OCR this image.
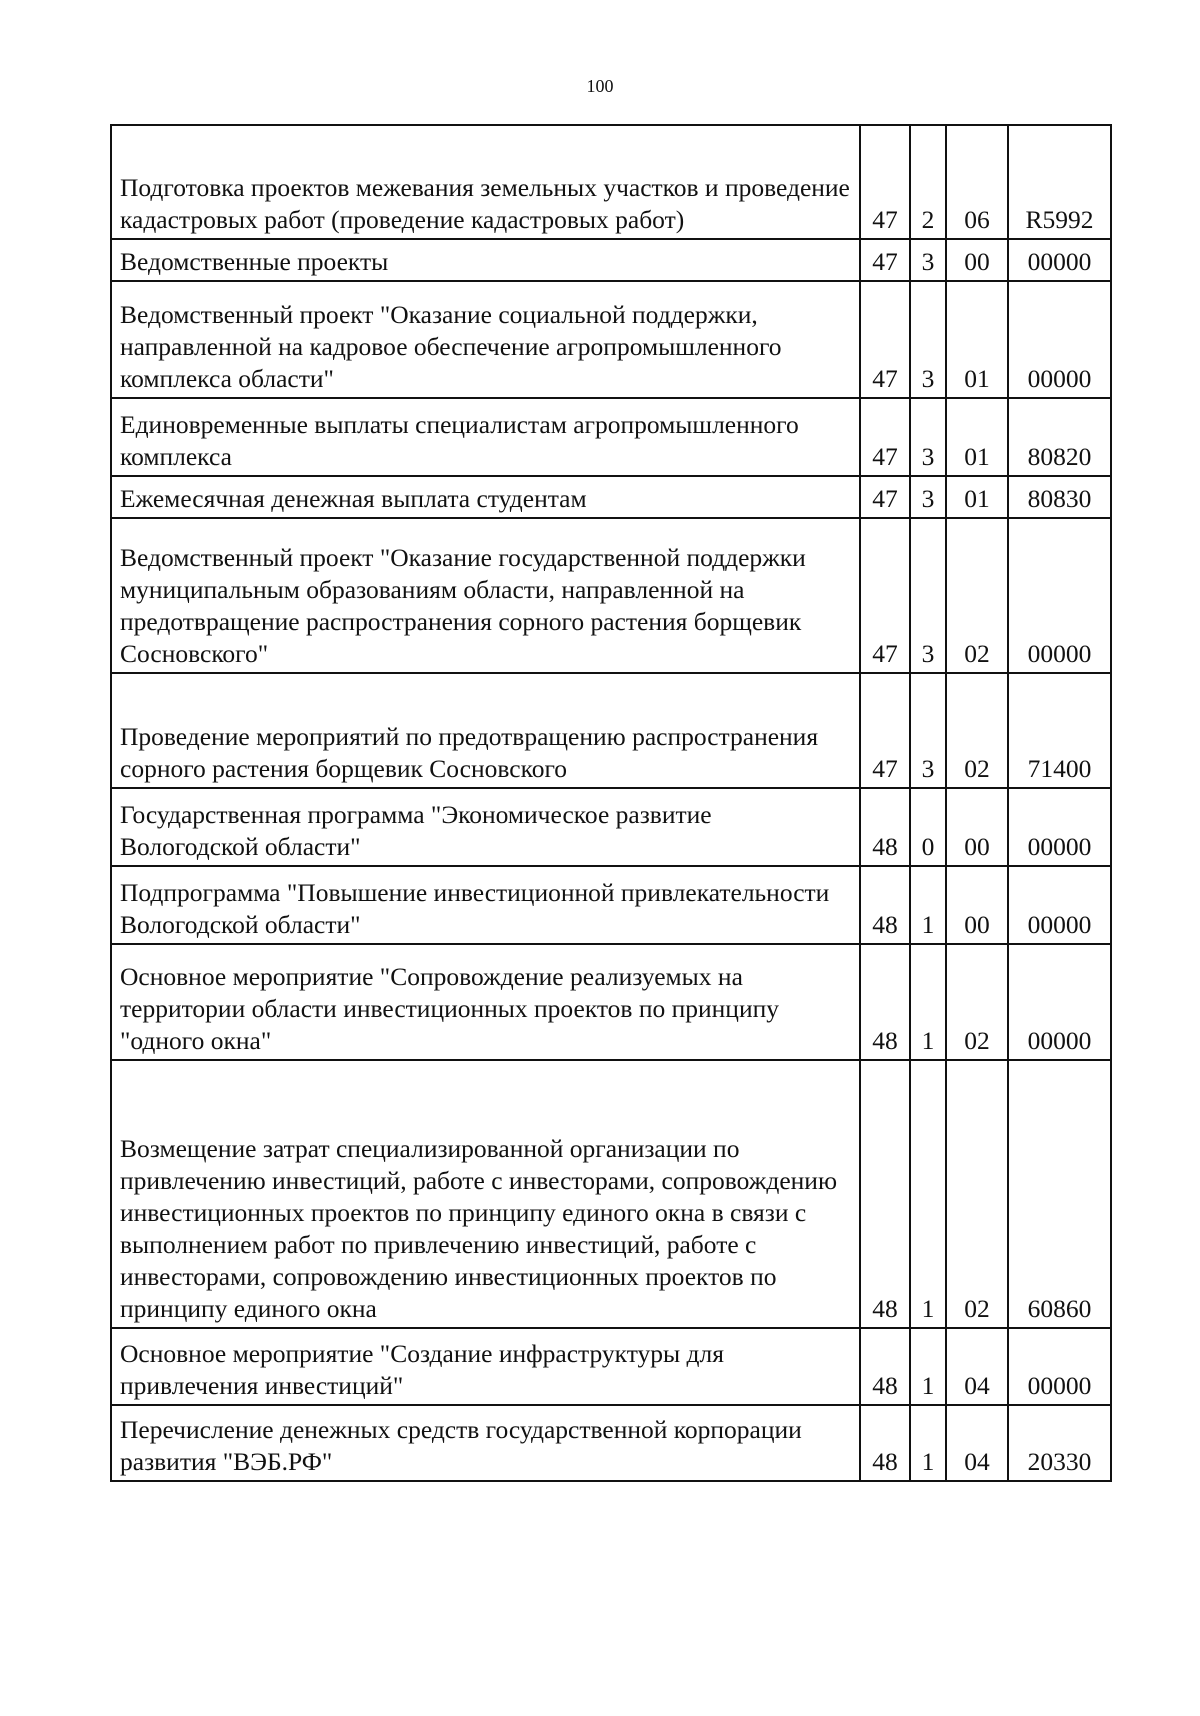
100
Подготовка проектов межевания земельных участков и проведение кадастровых работ (проведение кадастровых работ)	47	2	06	R5992
Ведомственные проекты	47	3	00	00000
Ведомственный проект "Оказание социальной поддержки, направленной на кадровое обеспечение агропромышленного комплекса области"	47	3	01	00000
Единовременные выплаты специалистам агропромышленного комплекса	47	3	01	80820
Ежемесячная денежная выплата студентам	47	3	01	80830
Ведомственный проект "Оказание государственной поддержки муниципальным образованиям области, направленной на предотвращение распространения сорного растения борщевик Сосновского"	47	3	02	00000
Проведение мероприятий по предотвращению распространения сорного растения борщевик Сосновского	47	3	02	71400
Государственная программа "Экономическое развитие Вологодской области"	48	0	00	00000
Подпрограмма "Повышение инвестиционной привлекательности Вологодской области"	48	1	00	00000
Основное мероприятие "Сопровождение реализуемых на территории области инвестиционных проектов по принципу "одного окна"	48	1	02	00000
Возмещение затрат специализированной организации по привлечению инвестиций, работе с инвесторами, сопровождению инвестиционных проектов по принципу единого окна в связи с выполнением работ по привлечению инвестиций, работе с инвесторами, сопровождению инвестиционных проектов по принципу единого окна	48	1	02	60860
Основное мероприятие "Создание инфраструктуры для привлечения инвестиций"	48	1	04	00000
Перечисление денежных средств государственной корпорации развития "ВЭБ.РФ"	48	1	04	20330
